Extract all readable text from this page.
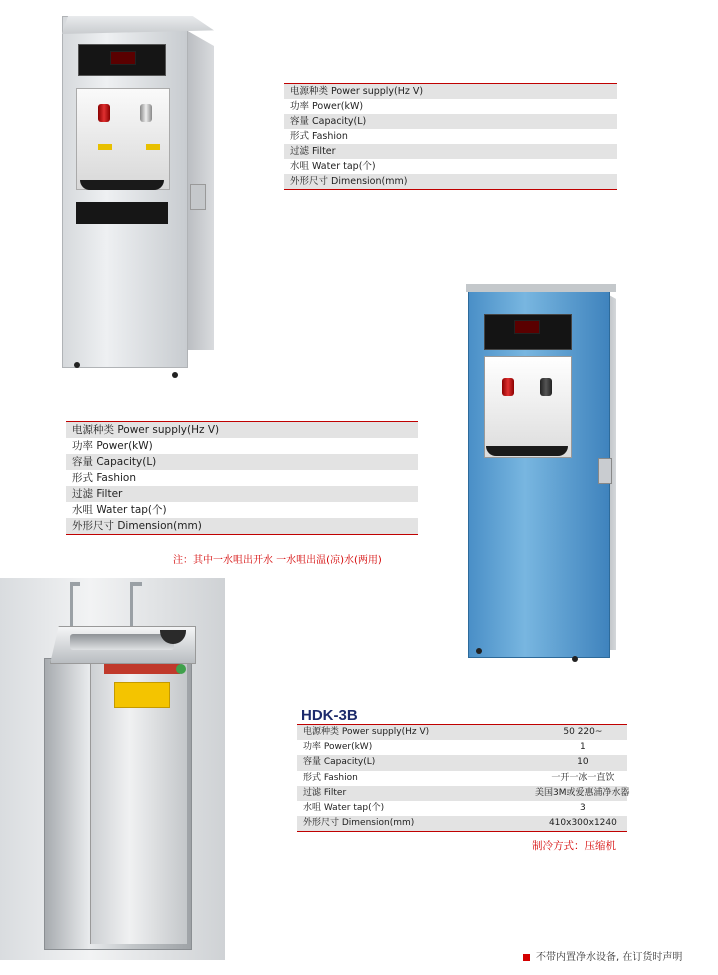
电源种类 Power supply(Hz V)
功率 Power(kW)
容量 Capacity(L)
形式 Fashion
过滤 Filter
水咀 Water tap(个)
外形尺寸 Dimension(mm)
电源种类 Power supply(Hz V)
功率 Power(kW)
容量 Capacity(L)
形式 Fashion
过滤 Filter
水咀 Water tap(个)
外形尺寸 Dimension(mm)
注：其中一水咀出开水 一水咀出温(凉)水(两用)
HDK-3B
电源种类 Power supply(Hz V)	50 220~
功率 Power(kW)	1
容量 Capacity(L)	10
形式 Fashion	一开一冰一直饮
过滤 Filter	美国3M或爱惠浦净水器
水咀 Water tap(个)	3
外形尺寸 Dimension(mm)	410x300x1240
制冷方式：压缩机
不带内置净水设备, 在订货时声明
